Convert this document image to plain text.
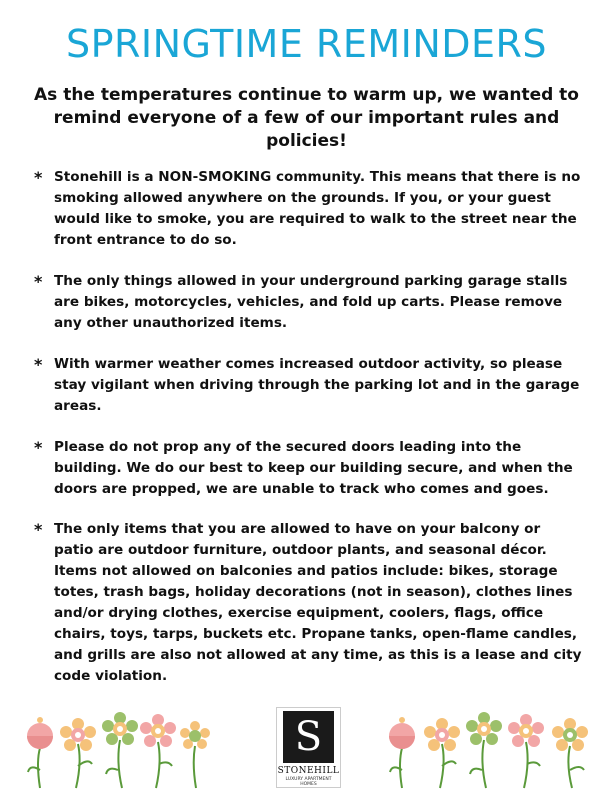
SPRINGTIME REMINDERS

As the temperatures continue to warm up, we wanted to remind everyone of a few of our important rules and policies!

* Stonehill is a NON-SMOKING community. This means that there is no smoking allowed anywhere on the grounds. If you, or your guest would like to smoke, you are required to walk to the street near the front entrance to do so.
* The only things allowed in your underground parking garage stalls are bikes, motorcycles, vehicles, and fold up carts. Please remove any other unauthorized items.
* With warmer weather comes increased outdoor activity, so please stay vigilant when driving through the parking lot and in the garage areas.
* Please do not prop any of the secured doors leading into the building. We do our best to keep our building secure, and when the doors are propped, we are unable to track who comes and goes.
* The only items that you are allowed to have on your balcony or patio are outdoor furniture, outdoor plants, and seasonal décor. Items not allowed on balconies and patios include: bikes, storage totes, trash bags, holiday decorations (not in season), clothes lines and/or drying clothes, exercise equipment, coolers, flags, office chairs, toys, tarps, buckets etc. Propane tanks, open-flame candles, and grills are also not allowed at any time, as this is a lease and city code violation.
S
STONEHILL
LUXURY APARTMENT HOMES
